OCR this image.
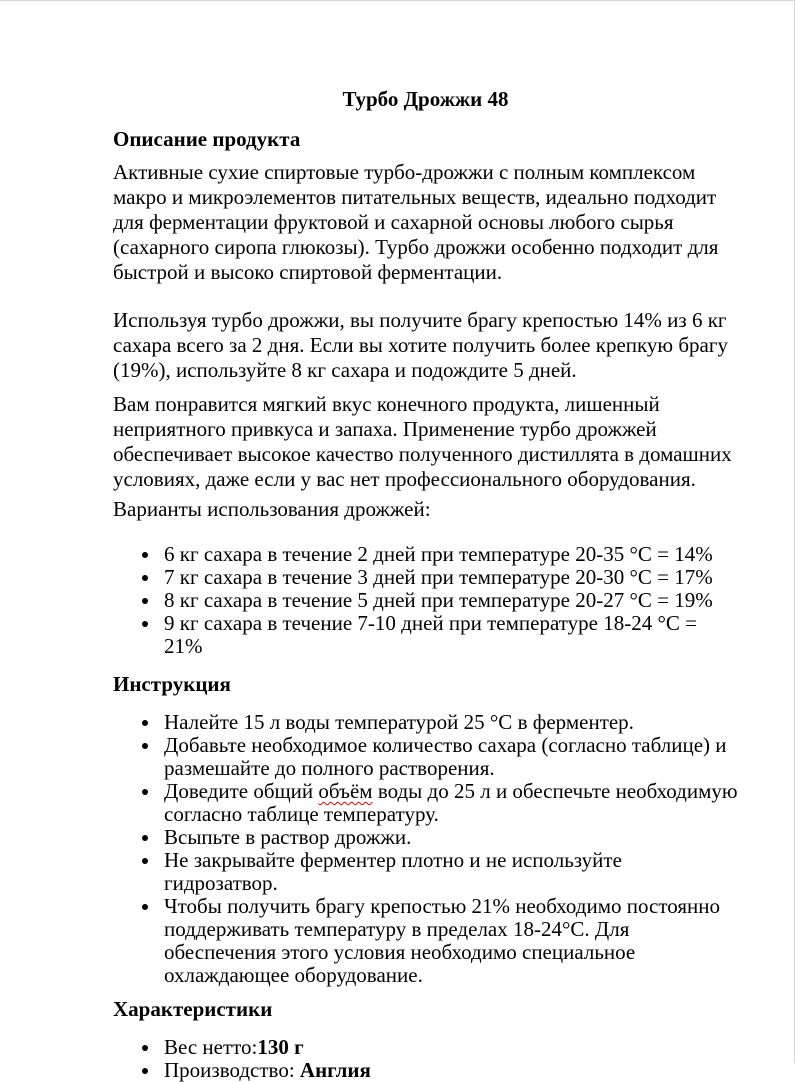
Турбо Дрожжи 48
Описание продукта

Активные сухие спиртовые турбо-дрожжи с полным комплексом макро и микроэлементов питательных веществ, идеально подходит для ферментации фруктовой и сахарной основы любого сырья (сахарного сиропа глюкозы). Турбо дрожжи особенно подходит для быстрой и высоко спиртовой ферментации.

Используя турбо дрожжи, вы получите брагу крепостью 14% из 6 кг сахара всего за 2 дня. Если вы хотите получить более крепкую брагу (19%), используйте 8 кг сахара и подождите 5 дней.

Вам понравится мягкий вкус конечного продукта, лишенный неприятного привкуса и запаха. Применение турбо дрожжей обеспечивает высокое качество полученного дистиллята в домашних условиях, даже если у вас нет профессионального оборудования.

Варианты использования дрожжей:

• 6 кг сахара в течение 2 дней при температуре 20-35 °С = 14%
• 7 кг сахара в течение 3 дней при температуре 20-30 °С = 17%
• 8 кг сахара в течение 5 дней при температуре 20-27 °С = 19%
• 9 кг сахара в течение 7-10 дней при температуре 18-24 °С = 21%
Инструкция
• Налейте 15 л воды температурой 25 °С в ферментер.
• Добавьте необходимое количество сахара (согласно таблице) и размешайте до полного растворения.
• Доведите общий объём воды до 25 л и обеспечьте необходимую согласно таблице температуру.
• Всыпьте в раствор дрожжи.
• Не закрывайте ферментер плотно и не используйте гидрозатвор.
• Чтобы получить брагу крепостью 21% необходимо постоянно поддерживать температуру в пределах 18-24°С. Для обеспечения этого условия необходимо специальное охлаждающее оборудование.
Характеристики
• Вес нетто:130 г
• Производство: Англия
